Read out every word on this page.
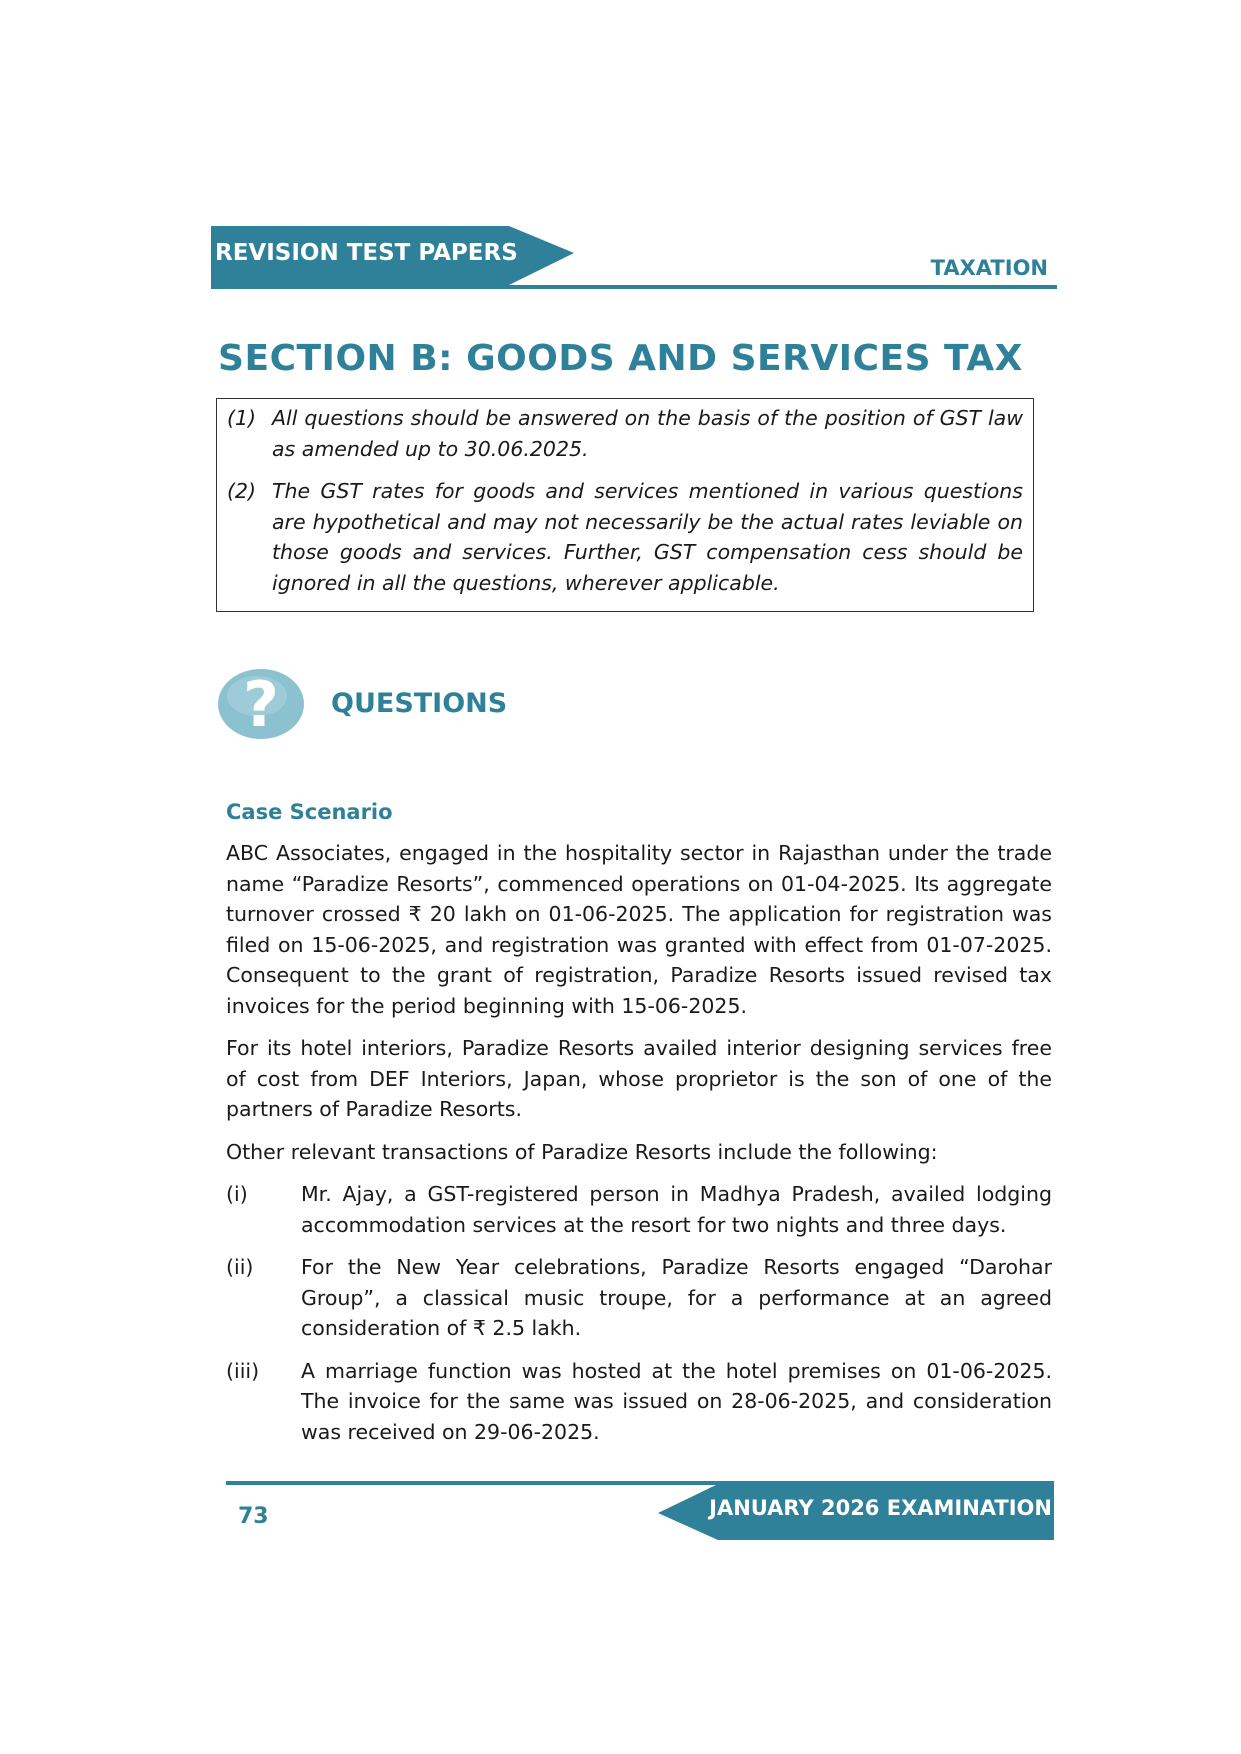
REVISION TEST PAPERS
TAXATION
SECTION B: GOODS AND SERVICES TAX
(1) All questions should be answered on the basis of the position of GST law as amended up to 30.06.2025.
(2) The GST rates for goods and services mentioned in various questions are hypothetical and may not necessarily be the actual rates leviable on those goods and services. Further, GST compensation cess should be ignored in all the questions, wherever applicable.
? QUESTIONS
Case Scenario

ABC Associates, engaged in the hospitality sector in Rajasthan under the trade name “Paradize Resorts”, commenced operations on 01-04-2025. Its aggregate turnover crossed ₹ 20 lakh on 01-06-2025. The application for registration was filed on 15-06-2025, and registration was granted with effect from 01-07-2025. Consequent to the grant of registration, Paradize Resorts issued revised tax invoices for the period beginning with 15-06-2025.

For its hotel interiors, Paradize Resorts availed interior designing services free of cost from DEF Interiors, Japan, whose proprietor is the son of one of the partners of Paradize Resorts.

Other relevant transactions of Paradize Resorts include the following:

(i)	Mr. Ajay, a GST-registered person in Madhya Pradesh, availed lodging accommodation services at the resort for two nights and three days.
(ii)	For the New Year celebrations, Paradize Resorts engaged “Darohar Group”, a classical music troupe, for a performance at an agreed consideration of ₹ 2.5 lakh.
(iii)	A marriage function was hosted at the hotel premises on 01-06-2025. The invoice for the same was issued on 28-06-2025, and consideration was received on 29-06-2025.
73	JANUARY 2026 EXAMINATION
